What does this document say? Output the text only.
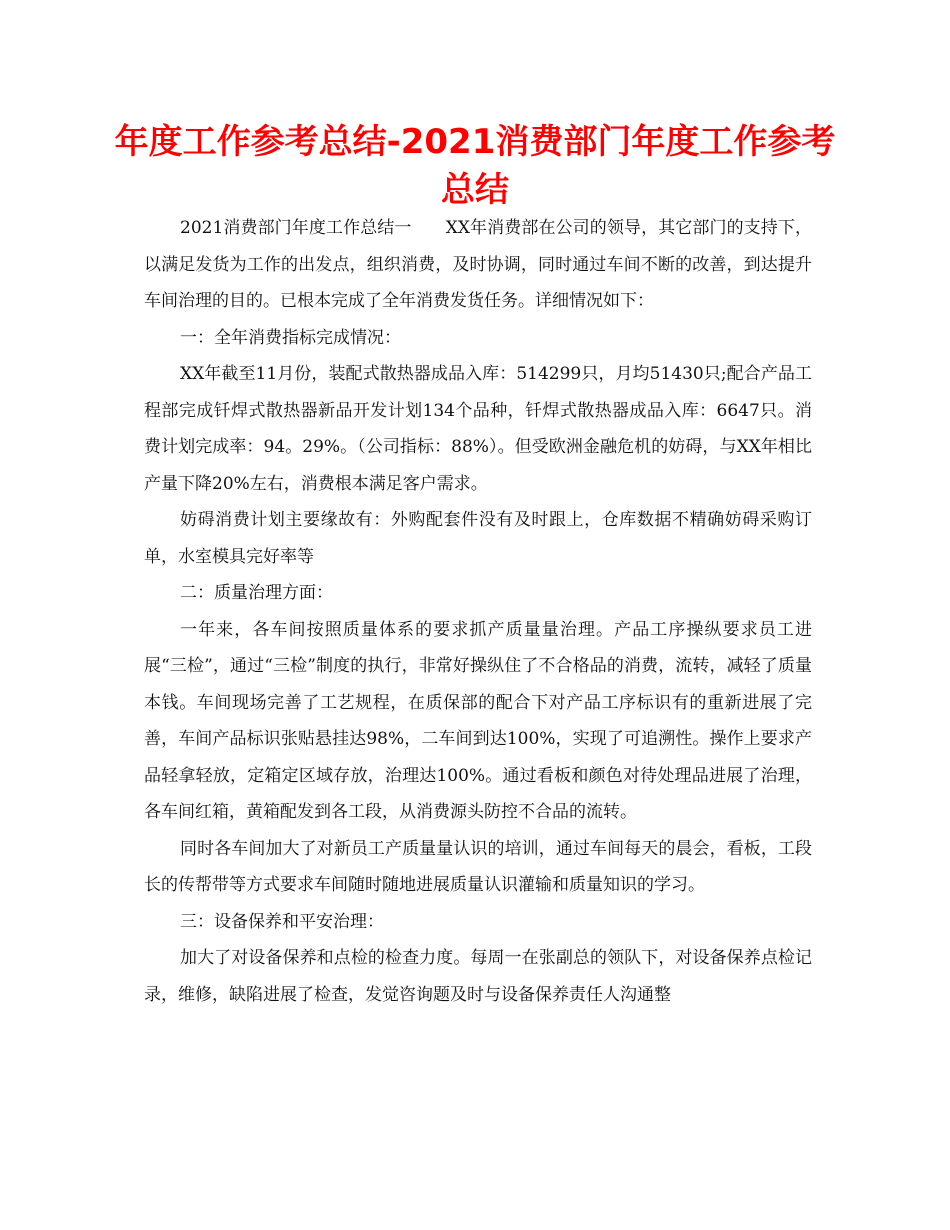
年度工作参考总结-2021消费部门年度工作参考总结

2021消费部门年度工作总结一　　XX年消费部在公司的领导，其它部门的支持下，以满足发货为工作的出发点，组织消费，及时协调，同时通过车间不断的改善，到达提升车间治理的目的。已根本完成了全年消费发货任务。详细情况如下：

一：全年消费指标完成情况：

XX年截至11月份，装配式散热器成品入库：514299只，月均51430只;配合产品工程部完成钎焊式散热器新品开发计划134个品种，钎焊式散热器成品入库：6647只。消费计划完成率：94。29%。（公司指标：88%）。但受欧洲金融危机的妨碍，与XX年相比产量下降20%左右，消费根本满足客户需求。

妨碍消费计划主要缘故有：外购配套件没有及时跟上，仓库数据不精确妨碍采购订单，水室模具完好率等

二：质量治理方面：

一年来，各车间按照质量体系的要求抓产质量量治理。产品工序操纵要求员工进展“三检”，通过“三检”制度的执行，非常好操纵住了不合格品的消费，流转，减轻了质量本钱。车间现场完善了工艺规程，在质保部的配合下对产品工序标识有的重新进展了完善，车间产品标识张贴悬挂达98%，二车间到达100%，实现了可追溯性。操作上要求产品轻拿轻放，定箱定区域存放，治理达100%。通过看板和颜色对待处理品进展了治理，各车间红箱，黄箱配发到各工段，从消费源头防控不合品的流转。

同时各车间加大了对新员工产质量量认识的培训，通过车间每天的晨会，看板，工段长的传帮带等方式要求车间随时随地进展质量认识灌输和质量知识的学习。

三：设备保养和平安治理：

加大了对设备保养和点检的检查力度。每周一在张副总的领队下，对设备保养点检记录，维修，缺陷进展了检查，发觉咨询题及时与设备保养责任人沟通整
